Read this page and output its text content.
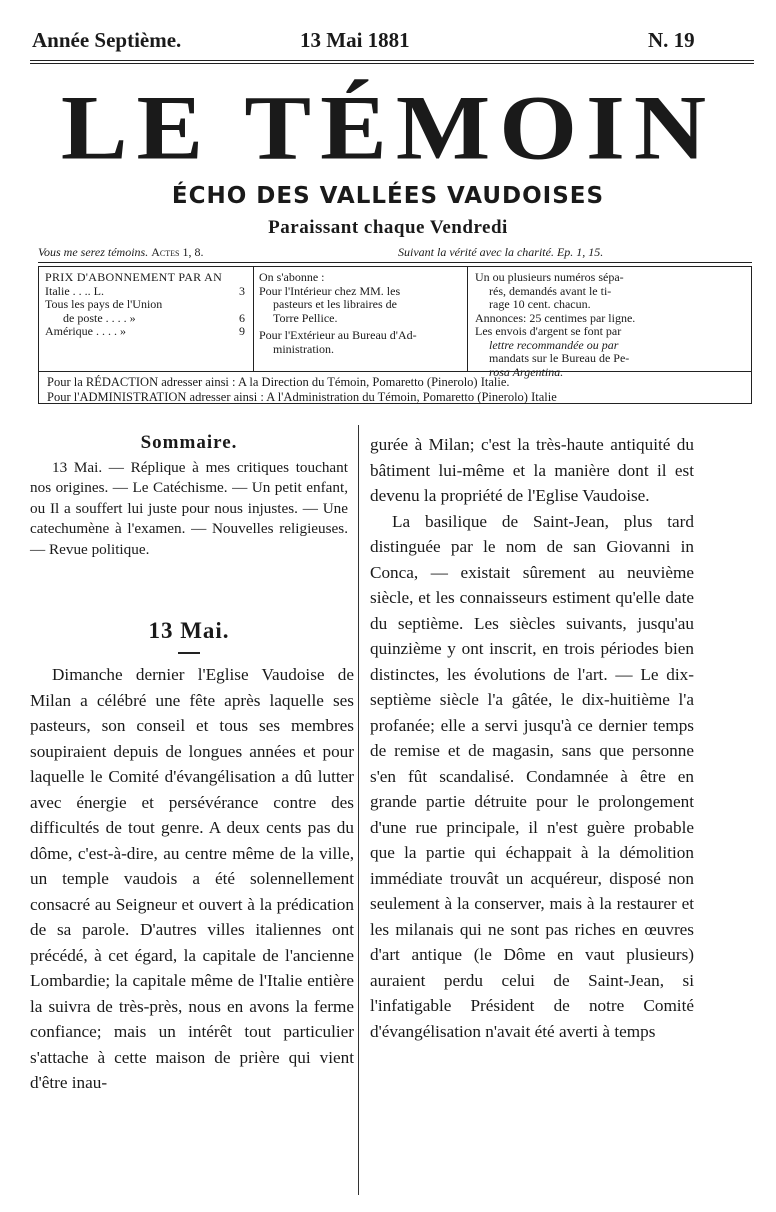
Année Septième.	13 Mai 1881	N. 19
LE TÉMOIN
ÉCHO DES VALLÉES VAUDOISES
Paraissant chaque Vendredi
Vous me serez témoins. Actes 1, 8.	Suivant la vérité avec la charité. Ep. 1, 15.
PRIX D'ABONNEMENT PAR AN
Italie . . .. L.	3
Tous les pays de l'Union
de poste . . . . »	6
Amérique . . . . »	9
On s'abonne :
Pour l'Intérieur chez MM. les
pasteurs et les libraires de
Torre Pellice.
Pour l'Extérieur au Bureau d'Ad-
ministration.
Un ou plusieurs numéros sépa-
rés, demandés avant le ti-
rage 10 cent. chacun.
Annonces: 25 centimes par ligne.
Les envois d'argent se font par
lettre recommandée ou par
mandats sur le Bureau de Pe-
rosa Argentina.
Pour la RÉDACTION adresser ainsi : A la Direction du Témoin, Pomaretto (Pinerolo) Italie.
Pour l'ADMINISTRATION adresser ainsi : A l'Administration du Témoin, Pomaretto (Pinerolo) Italie
Sommaire.

13 Mai. — Réplique à mes critiques touchant nos origines. — Le Catéchisme. — Un petit enfant, ou Il a souffert lui juste pour nous injustes. — Une catechumène à l'examen. — Nouvelles religieuses. — Revue politique.

13 Mai.

Dimanche dernier l'Eglise Vaudoise de Milan a célébré une fête après laquelle ses pasteurs, son conseil et tous ses membres soupiraient depuis de longues années et pour laquelle le Comité d'évangélisation a dû lutter avec énergie et persévérance contre des difficultés de tout genre. A deux cents pas du dôme, c'est-à-dire, au centre même de la ville, un temple vaudois a été solennellement consacré au Seigneur et ouvert à la prédication de sa parole. D'autres villes italiennes ont précédé, à cet égard, la capitale de l'ancienne Lombardie; la capitale même de l'Italie entière la suivra de très-près, nous en avons la ferme confiance; mais un intérêt tout particulier s'attache à cette maison de prière qui vient d'être inau-

gurée à Milan; c'est la très-haute antiquité du bâtiment lui-même et la manière dont il est devenu la propriété de l'Eglise Vaudoise.

La basilique de Saint-Jean, plus tard distinguée par le nom de san Giovanni in Conca, — existait sûrement au neuvième siècle, et les connaisseurs estiment qu'elle date du septième. Les siècles suivants, jusqu'au quinzième y ont inscrit, en trois périodes bien distinctes, les évolutions de l'art. — Le dix-septième siècle l'a gâtée, le dix-huitième l'a profanée; elle a servi jusqu'à ce dernier temps de remise et de magasin, sans que personne s'en fût scandalisé. Condamnée à être en grande partie détruite pour le prolongement d'une rue principale, il n'est guère probable que la partie qui échappait à la démolition immédiate trouvât un acquéreur, disposé non seulement à la conserver, mais à la restaurer et les milanais qui ne sont pas riches en œuvres d'art antique (le Dôme en vaut plusieurs) auraient perdu celui de Saint-Jean, si l'infatigable Président de notre Comité d'évangélisation n'avait été averti à temps
